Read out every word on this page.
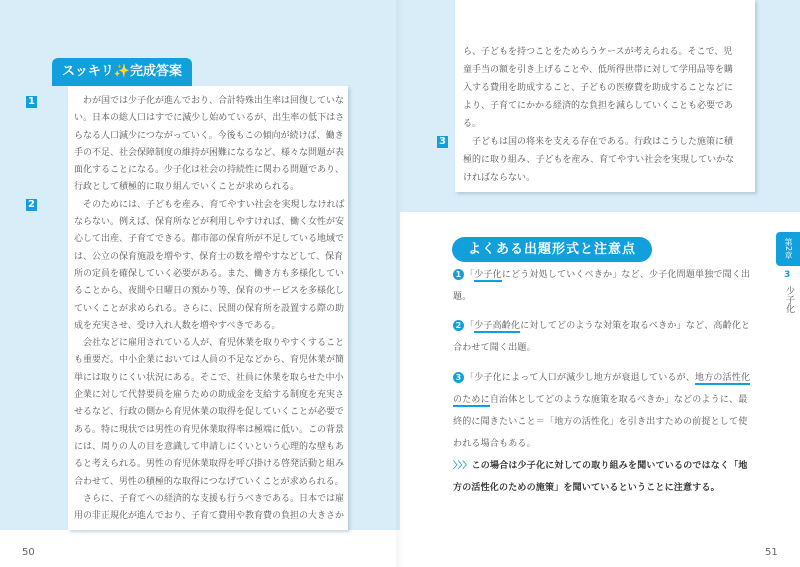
　わが国では少子化が進んでおり、合計特殊出生率は回復していな
い。日本の総人口はすでに減少し始めているが、出生率の低下はさ
らなる人口減少につながっていく。今後もこの傾向が続けば、働き
手の不足、社会保障制度の維持が困難になるなど、様々な問題が表
面化することになる。少子化は社会の持続性に関わる問題であり、
行政として積極的に取り組んでいくことが求められる。
　そのためには、子どもを産み、育てやすい社会を実現しなければ
ならない。例えば、保育所などが利用しやすければ、働く女性が安
心して出産、子育てできる。都市部の保育所が不足している地域で
は、公立の保育施設を増やす、保育士の数を増やすなどして、保育
所の定員を確保していく必要がある。また、働き方も多様化してい
ることから、夜間や日曜日の預かり等、保育のサービスを多様化し
ていくことが求められる。さらに、民間の保育所を設置する際の助
成を充実させ、受け入れ人数を増やすべきである。
　会社などに雇用されている人が、育児休業を取りやすくすること
も重要だ。中小企業においては人員の不足などから、育児休業が簡
単には取りにくい状況にある。そこで、社員に休業を取らせた中小
企業に対して代替要員を雇うための助成金を支給する制度を充実さ
せるなど、行政の側から育児休業の取得を促していくことが必要で
ある。特に現状では男性の育児休業取得率は極端に低い。この背景
には、周りの人の目を意識して申請しにくいという心理的な壁もあ
ると考えられる。男性の育児休業取得を呼び掛ける啓発活動と組み
合わせて、男性の積極的な取得につなげていくことが求められる。
　さらに、子育てへの経済的な支援も行うべきである。日本では雇
用の非正規化が進んでおり、子育て費用や教育費の負担の大きさか
スッキリ✨完成答案
1
2
ら、子どもを持つことをためらうケースが考えられる。そこで、児
童手当の額を引き上げることや、低所得世帯に対して学用品等を購
入する費用を助成すること、子どもの医療費を助成することなどに
より、子育てにかかる経済的な負担を減らしていくことも必要であ
る。
　子どもは国の将来を支える存在である。行政はこうした施策に積
極的に取り組み、子どもを産み、育てやすい社会を実現していかな
ければならない。
3
よくある出題形式と注意点
1 「少子化にどう対処していくべきか」など、少子化問題単独で聞く出
題。
2 「少子高齢化に対してどのような対策を取るべきか」など、高齢化と
合わせて聞く出題。
3 「少子化によって人口が減少し地方が衰退しているが、地方の活性化
のために自治体としてどのような施策を取るべきか」などのように、最
終的に聞きたいこと＝「地方の活性化」を引き出すための前提として使
われる場合もある。
〉〉〉この場合は少子化に対しての取り組みを聞いているのではなく「地
方の活性化のための施策」を聞いているということに注意する。
第2章
3
少子化
50	51
